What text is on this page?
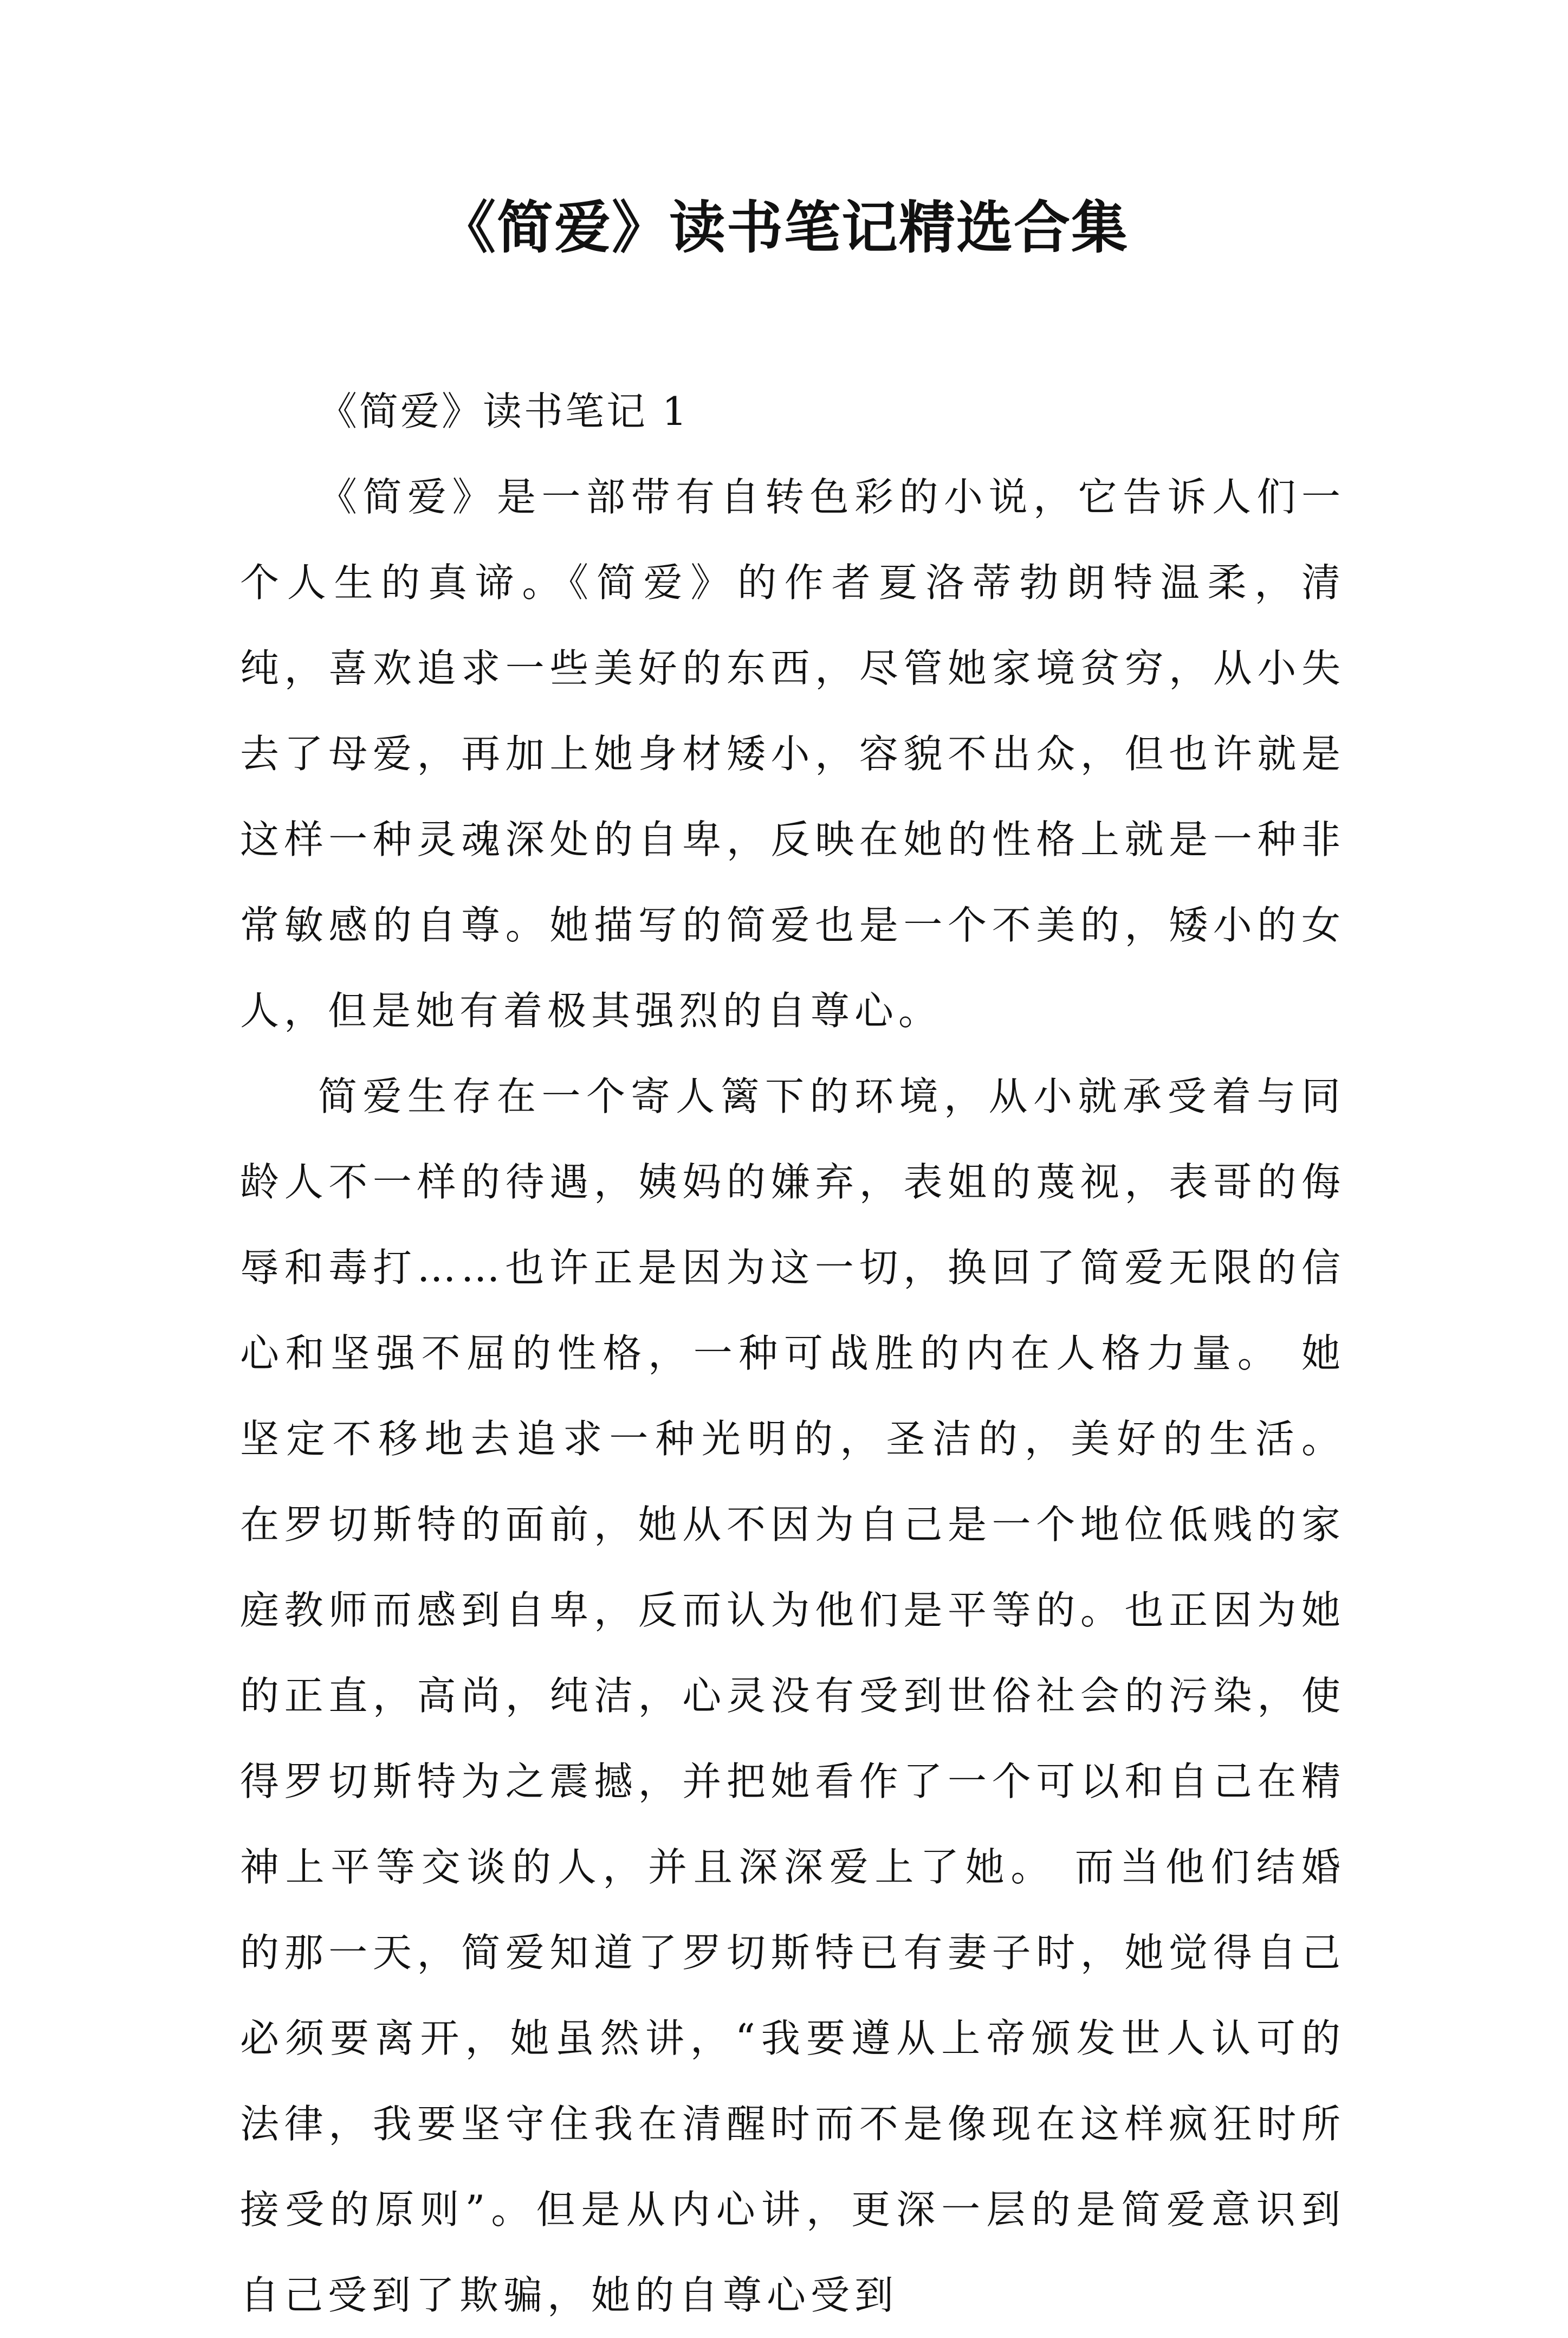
《简爱》读书笔记精选合集

《简爱》读书笔记 1

《简爱》是一部带有自转色彩的小说，它告诉人们一个人生的真谛。《简爱》的作者夏洛蒂勃朗特温柔，清纯，喜欢追求一些美好的东西，尽管她家境贫穷，从小失去了母爱，再加上她身材矮小，容貌不出众，但也许就是这样一种灵魂深处的自卑，反映在她的性格上就是一种非常敏感的自尊。她描写的简爱也是一个不美的，矮小的女人，但是她有着极其强烈的自尊心。

简爱生存在一个寄人篱下的环境，从小就承受着与同龄人不一样的待遇，姨妈的嫌弃，表姐的蔑视，表哥的侮辱和毒打……也许正是因为这一切，换回了简爱无限的信心和坚强不屈的性格，一种可战胜的内在人格力量。 她坚定不移地去追求一种光明的，圣洁的，美好的生活。 在罗切斯特的面前，她从不因为自己是一个地位低贱的家庭教师而感到自卑，反而认为他们是平等的。也正因为她的正直，高尚，纯洁，心灵没有受到世俗社会的污染，使得罗切斯特为之震撼，并把她看作了一个可以和自己在精神上平等交谈的人，并且深深爱上了她。 而当他们结婚的那一天，简爱知道了罗切斯特已有妻子时，她觉得自己必须要离开，她虽然讲，“我要遵从上帝颁发世人认可的法律，我要坚守住我在清醒时而不是像现在这样疯狂时所接受的原则”。但是从内心讲，更深一层的是简爱意识到自己受到了欺骗，她的自尊心受到
